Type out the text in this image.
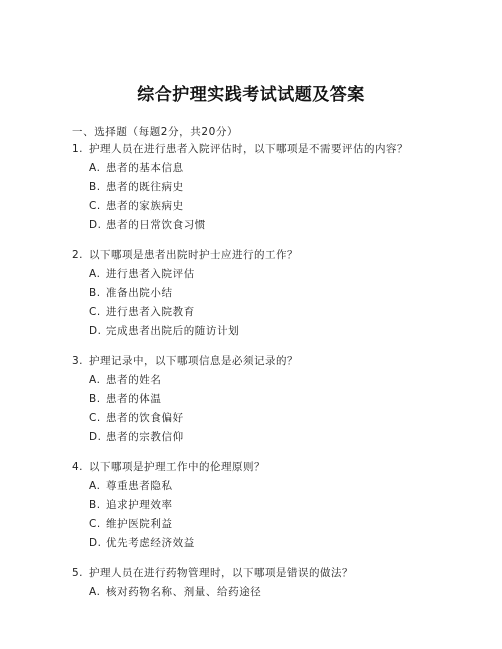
综合护理实践考试试题及答案
一、选择题（每题2分，共20分）
1. 护理人员在进行患者入院评估时，以下哪项是不需要评估的内容？
A. 患者的基本信息
B. 患者的既往病史
C. 患者的家族病史
D. 患者的日常饮食习惯
2. 以下哪项是患者出院时护士应进行的工作？
A. 进行患者入院评估
B. 准备出院小结
C. 进行患者入院教育
D. 完成患者出院后的随访计划
3. 护理记录中，以下哪项信息是必须记录的？
A. 患者的姓名
B. 患者的体温
C. 患者的饮食偏好
D. 患者的宗教信仰
4. 以下哪项是护理工作中的伦理原则？
A. 尊重患者隐私
B. 追求护理效率
C. 维护医院利益
D. 优先考虑经济效益
5. 护理人员在进行药物管理时，以下哪项是错误的做法？
A. 核对药物名称、剂量、给药途径
